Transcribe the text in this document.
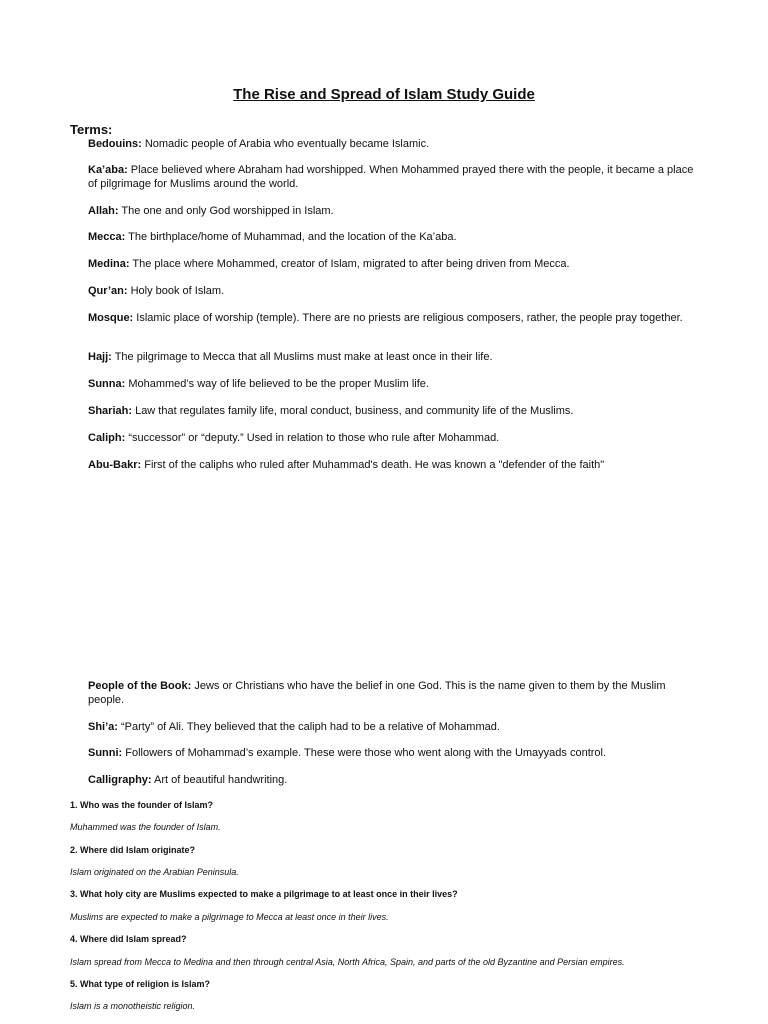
The Rise and Spread of Islam Study Guide
Terms:
Bedouins: Nomadic people of Arabia who eventually became Islamic.
Ka’aba: Place believed where Abraham had worshipped. When Mohammed prayed there with the people, it became a place of pilgrimage for Muslims around the world.
Allah: The one and only God worshipped in Islam.
Mecca: The birthplace/home of Muhammad, and the location of the Ka’aba.
Medina: The place where Mohammed, creator of Islam, migrated to after being driven from Mecca.
Qur’an: Holy book of Islam.
Mosque: Islamic place of worship (temple). There are no priests are religious composers, rather, the people pray together.
Hajj: The pilgrimage to Mecca that all Muslims must make at least once in their life.
Sunna: Mohammed’s way of life believed to be the proper Muslim life.
Shariah: Law that regulates family life, moral conduct, business, and community life of the Muslims.
Caliph: “successor” or “deputy.” Used in relation to those who rule after Mohammad.
Abu-Bakr: First of the caliphs who ruled after Muhammad's death. He was known a "defender of the faith"
People of the Book: Jews or Christians who have the belief in one God. This is the name given to them by the Muslim people.
Shi’a: “Party” of Ali. They believed that the caliph had to be a relative of Mohammad.
Sunni: Followers of Mohammad’s example. These were those who went along with the Umayyads control.
Calligraphy: Art of beautiful handwriting.
1. Who was the founder of Islam?
Muhammed was the founder of Islam.
2. Where did Islam originate?
Islam originated on the Arabian Peninsula.
3. What holy city are Muslims expected to make a pilgrimage to at least once in their lives?
Muslims are expected to make a pilgrimage to Mecca at least once in their lives.
4. Where did Islam spread?
Islam spread from Mecca to Medina and then through central Asia, North Africa, Spain, and parts of the old Byzantine and Persian empires.
5. What type of religion is Islam?
Islam is a monotheistic religion.
